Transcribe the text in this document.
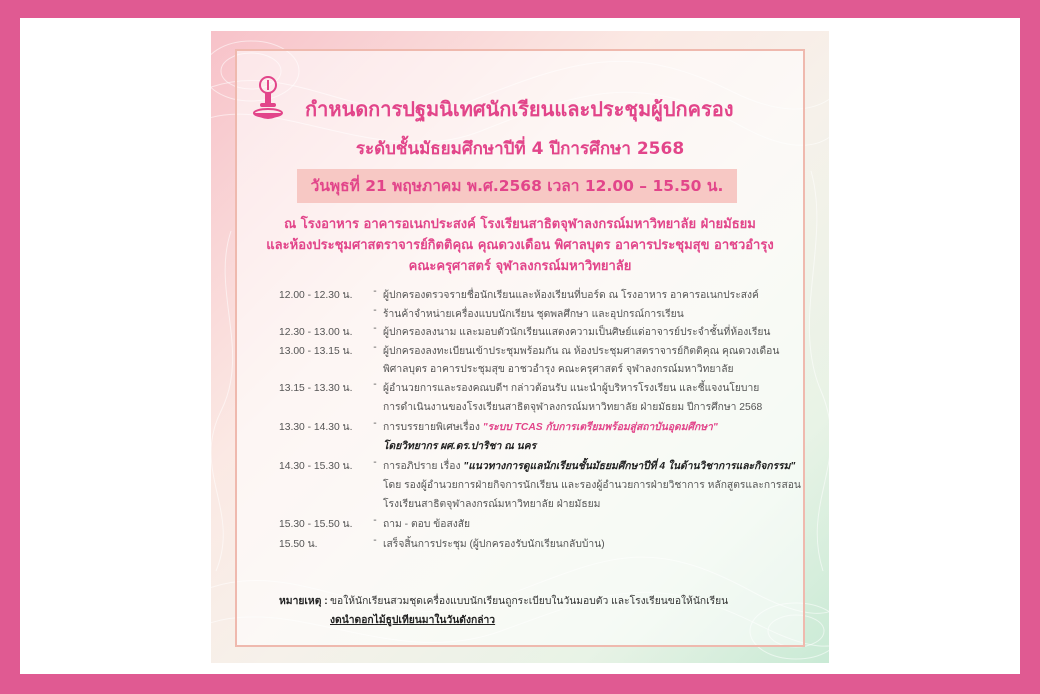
กำหนดการปฐมนิเทศนักเรียนและประชุมผู้ปกครอง
ระดับชั้นมัธยมศึกษาปีที่ 4 ปีการศึกษา 2568
วันพุธที่ 21 พฤษภาคม พ.ศ.2568 เวลา 12.00 – 15.50 น.
ณ โรงอาหาร อาคารอเนกประสงค์ โรงเรียนสาธิตจุฬาลงกรณ์มหาวิทยาลัย ฝ่ายมัธยม
และห้องประชุมศาสตราจารย์กิตติคุณ คุณดวงเดือน พิศาลบุตร อาคารประชุมสุข อาชวอำรุง
คณะครุศาสตร์ จุฬาลงกรณ์มหาวิทยาลัย
12.00 - 12.30 น.	- ผู้ปกครองตรวจรายชื่อนักเรียนและห้องเรียนที่บอร์ด ณ โรงอาหาร อาคารอเนกประสงค์
- ร้านค้าจำหน่ายเครื่องแบบนักเรียน ชุดพลศึกษา และอุปกรณ์การเรียน
12.30 - 13.00 น.	- ผู้ปกครองลงนาม และมอบตัวนักเรียนแสดงความเป็นศิษย์แด่อาจารย์ประจำชั้นที่ห้องเรียน
13.00 - 13.15 น.	- ผู้ปกครองลงทะเบียนเข้าประชุมพร้อมกัน ณ ห้องประชุมศาสตราจารย์กิตติคุณ คุณดวงเดือน
พิศาลบุตร อาคารประชุมสุข อาชวอำรุง คณะครุศาสตร์ จุฬาลงกรณ์มหาวิทยาลัย
13.15 - 13.30 น.	- ผู้อำนวยการและรองคณบดีฯ กล่าวต้อนรับ แนะนำผู้บริหารโรงเรียน และชี้แจงนโยบาย
การดำเนินงานของโรงเรียนสาธิตจุฬาลงกรณ์มหาวิทยาลัย ฝ่ายมัธยม ปีการศึกษา 2568
13.30 - 14.30 น.	- การบรรยายพิเศษเรื่อง "ระบบ TCAS กับการเตรียมพร้อมสู่สถาบันอุดมศึกษา"
โดยวิทยากร ผศ.ดร.ปาริชา ณ นคร
14.30 - 15.30 น.	- การอภิปราย เรื่อง "แนวทางการดูแลนักเรียนชั้นมัธยมศึกษาปีที่ 4 ในด้านวิชาการและกิจกรรม"
โดย รองผู้อำนวยการฝ่ายกิจการนักเรียน และรองผู้อำนวยการฝ่ายวิชาการ หลักสูตรและการสอน
โรงเรียนสาธิตจุฬาลงกรณ์มหาวิทยาลัย ฝ่ายมัธยม
15.30 - 15.50 น.	- ถาม - ตอบ ข้อสงสัย
15.50 น.	- เสร็จสิ้นการประชุม (ผู้ปกครองรับนักเรียนกลับบ้าน)
หมายเหตุ : ขอให้นักเรียนสวมชุดเครื่องแบบนักเรียนถูกระเบียบในวันมอบตัว และโรงเรียนขอให้นักเรียน
งดนำดอกไม้ธูปเทียนมาในวันดังกล่าว
